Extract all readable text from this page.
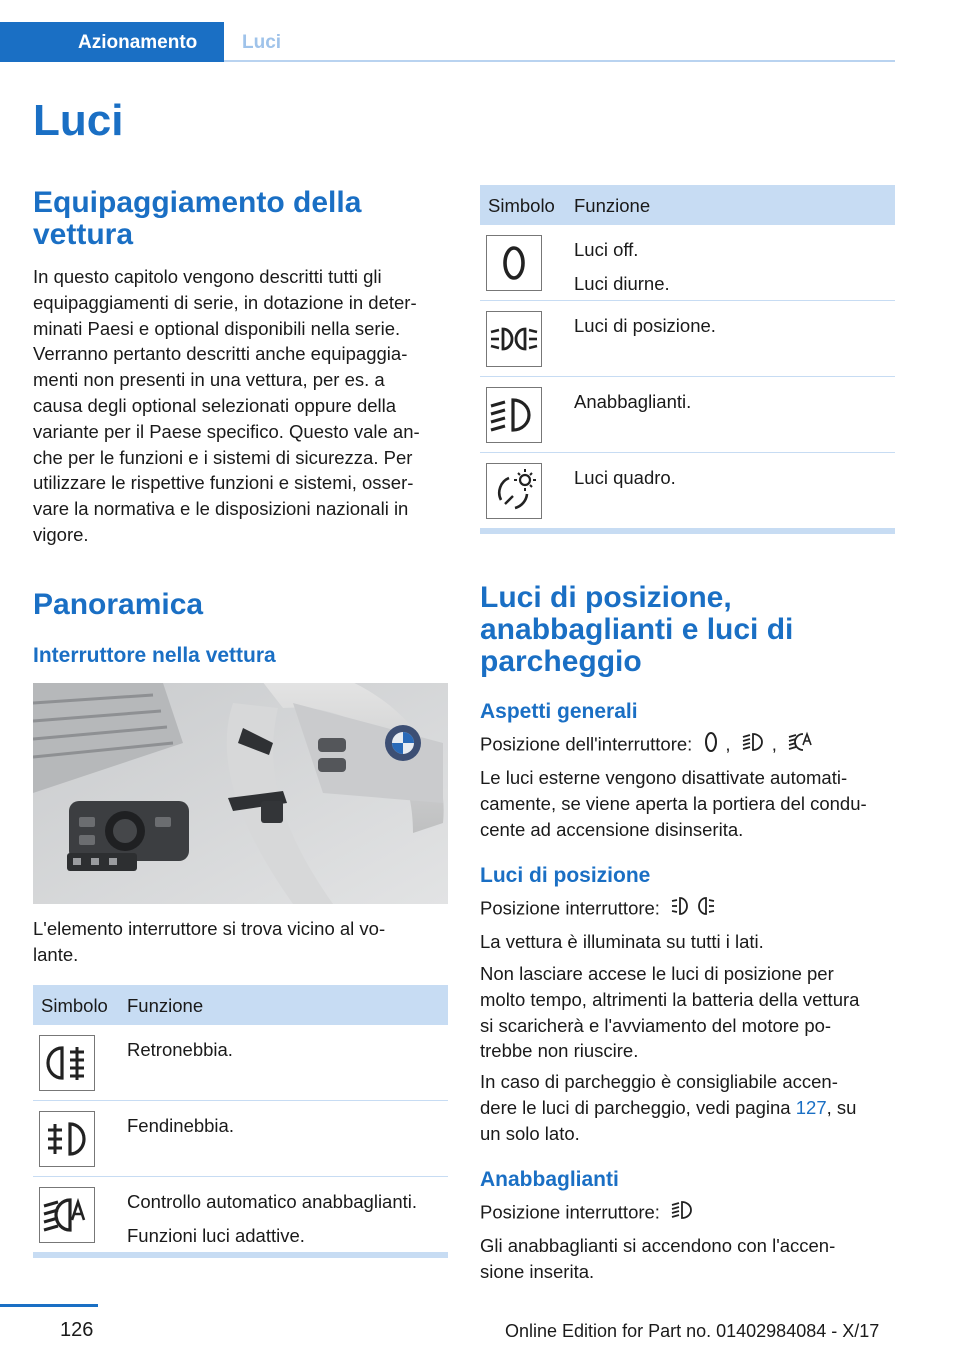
Azionamento Luci
Luci
Equipaggiamento della vettura
In questo capitolo vengono descritti tutti gli
equipaggiamenti di serie, in dotazione in deter‐
minati Paesi e optional disponibili nella serie.
Verranno pertanto descritti anche equipaggia‐
menti non presenti in una vettura, per es. a
causa degli optional selezionati oppure della
variante per il Paese specifico. Questo vale an‐
che per le funzioni e i sistemi di sicurezza. Per
utilizzare le rispettive funzioni e sistemi, osser‐
vare la normativa e le disposizioni nazionali in
vigore.
Panoramica
Interruttore nella vettura
L'elemento interruttore si trova vicino al vo‐
lante.
Simbolo Funzione
Retronebbia.
Fendinebbia.
Controllo automatico anabbaglianti.
Funzioni luci adattive.
Simbolo Funzione
Luci off.
Luci diurne.
Luci di posizione.
Anabbaglianti.
Luci quadro.
Luci di posizione, anabbaglianti e luci di parcheggio
Aspetti generali
Posizione dell'interruttore: , ,
Le luci esterne vengono disattivate automati‐
camente, se viene aperta la portiera del condu‐
cente ad accensione disinserita.
Luci di posizione
Posizione interruttore:
La vettura è illuminata su tutti i lati.
Non lasciare accese le luci di posizione per
molto tempo, altrimenti la batteria della vettura
si scaricherà e l'avviamento del motore po‐
trebbe non riuscire.
In caso di parcheggio è consigliabile accen‐
dere le luci di parcheggio, vedi pagina 127, su
un solo lato.
Anabbaglianti
Posizione interruttore:
Gli anabbaglianti si accendono con l'accen‐
sione inserita.
126	Online Edition for Part no. 01402984084 - X/17
